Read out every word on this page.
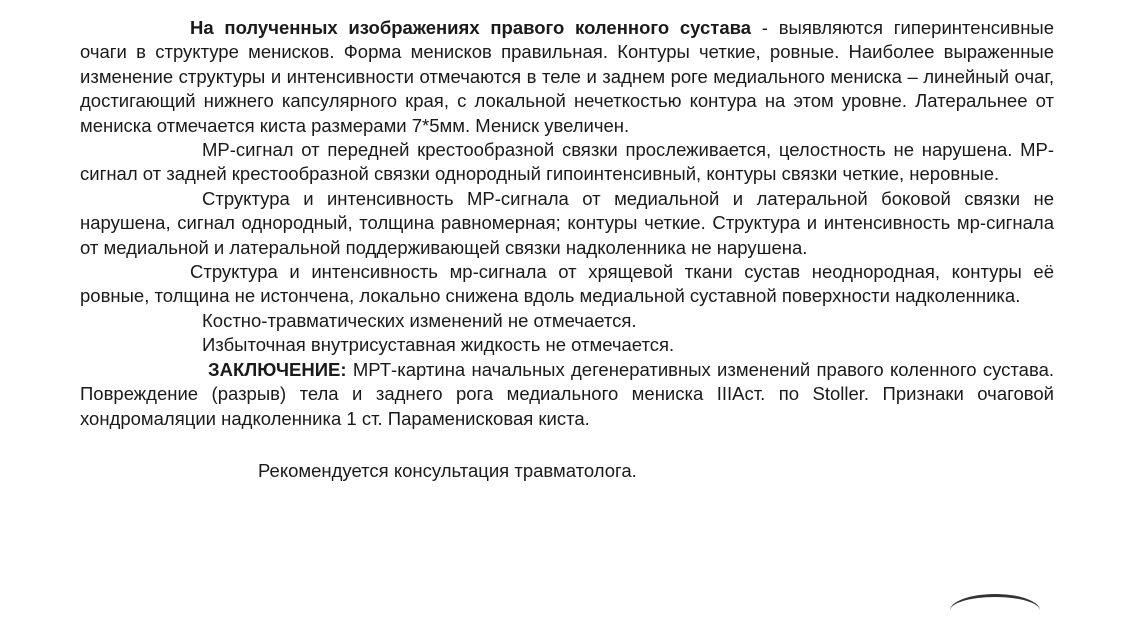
На полученных изображениях правого коленного сустава - выявляются гиперинтенсивные очаги в структуре менисков. Форма менисков правильная. Контуры четкие, ровные. Наиболее выраженные изменение структуры и интенсивности отмечаются в теле и заднем роге медиального мениска – линейный очаг, достигающий нижнего капсулярного края, с локальной нечеткостью контура на этом уровне. Латеральнее от мениска отмечается киста размерами 7*5мм. Мениск увеличен.

МР-сигнал от передней крестообразной связки прослеживается, целостность не нарушена. МР-сигнал от задней крестообразной связки однородный гипоинтенсивный, контуры связки четкие, неровные.

Структура и интенсивность МР-сигнала от медиальной и латеральной боковой связки не нарушена, сигнал однородный, толщина равномерная; контуры четкие. Структура и интенсивность мр-сигнала от медиальной и латеральной поддерживающей связки надколенника не нарушена.

Структура и интенсивность мр-сигнала от хрящевой ткани сустав неоднородная, контуры её ровные, толщина не истончена, локально снижена вдоль медиальной суставной поверхности надколенника.

Костно-травматических изменений не отмечается.

Избыточная внутрисуставная жидкость не отмечается.

ЗАКЛЮЧЕНИЕ: МРТ-картина начальных дегенеративных изменений правого коленного сустава. Повреждение (разрыв) тела и заднего рога медиального мениска IIIАст. по Stoller. Признаки очаговой хондромаляции надколенника 1 ст. Параменисковая киста.

Рекомендуется консультация травматолога.
